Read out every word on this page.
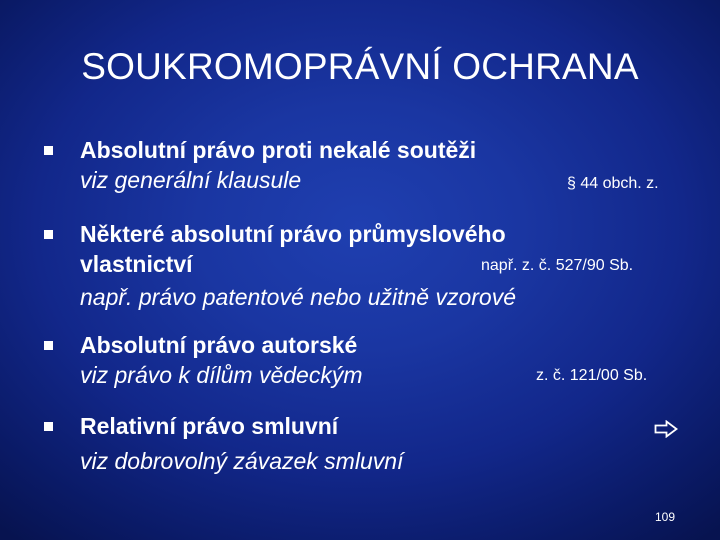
SOUKROMOPRÁVNÍ OCHRANA
Absolutní právo proti nekalé soutěži
viz generální klausule	§ 44 obch. z.
Některé absolutní právo průmyslového
vlastnictví	např. z. č. 527/90 Sb.
např. právo patentové nebo užitně vzorové
Absolutní právo autorské
viz právo k dílům vědeckým	z. č. 121/00 Sb.
Relativní právo smluvní
viz dobrovolný závazek smluvní
109
